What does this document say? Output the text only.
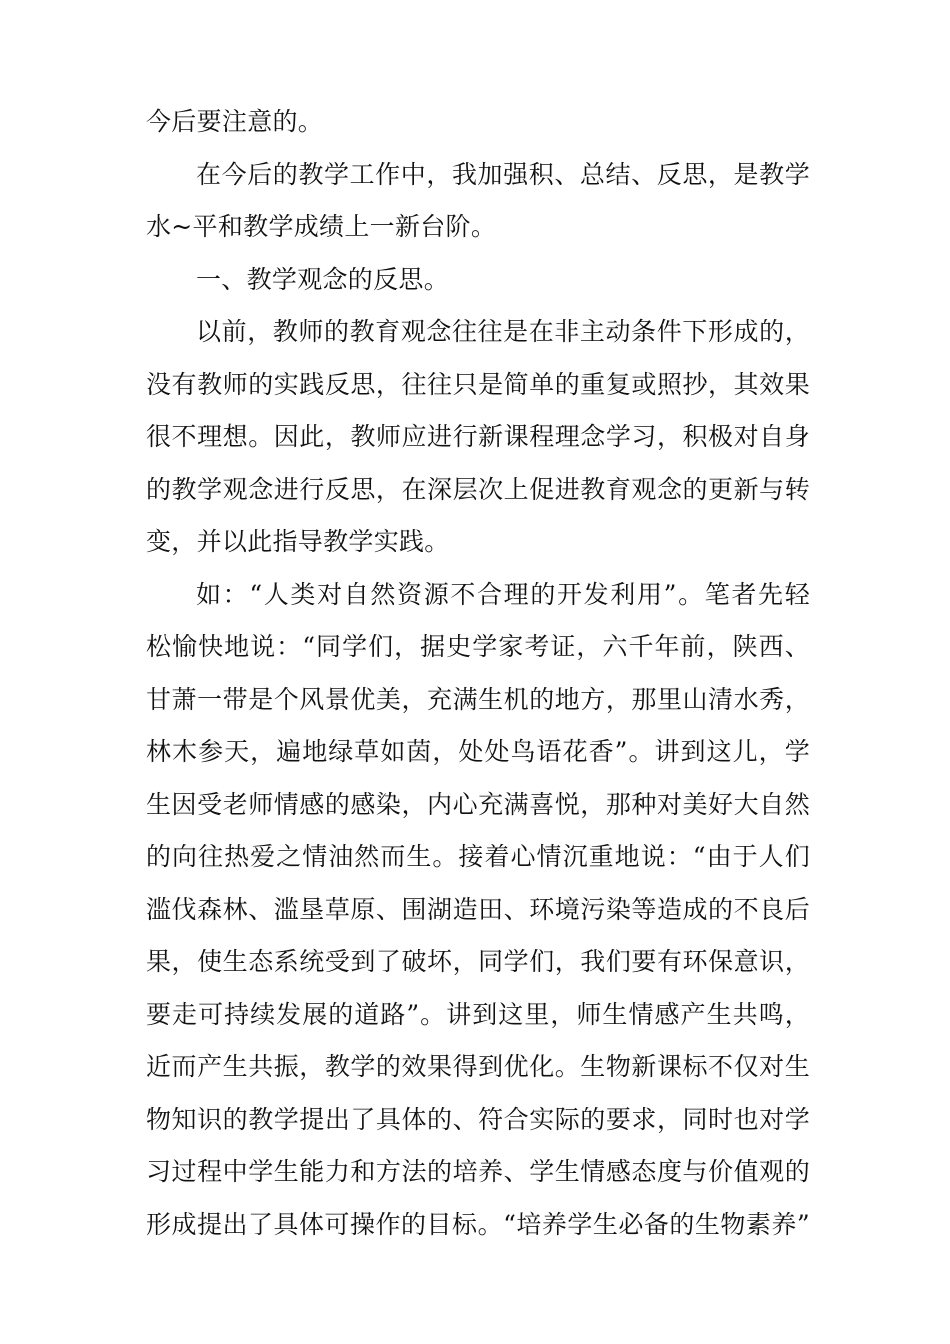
今后要注意的。
在今后的教学工作中，我加强积、总结、反思，是教学
水~平和教学成绩上一新台阶。
一、教学观念的反思。
以前，教师的教育观念往往是在非主动条件下形成的，
没有教师的实践反思，往往只是简单的重复或照抄，其效果
很不理想。因此，教师应进行新课程理念学习，积极对自身
的教学观念进行反思，在深层次上促进教育观念的更新与转
变，并以此指导教学实践。
如：“人类对自然资源不合理的开发利用”。笔者先轻
松愉快地说：“同学们，据史学家考证，六千年前，陕西、
甘萧一带是个风景优美，充满生机的地方，那里山清水秀，
林木参天，遍地绿草如茵，处处鸟语花香”。讲到这儿，学
生因受老师情感的感染，内心充满喜悦，那种对美好大自然
的向往热爱之情油然而生。接着心情沉重地说：“由于人们
滥伐森林、滥垦草原、围湖造田、环境污染等造成的不良后
果，使生态系统受到了破坏，同学们，我们要有环保意识，
要走可持续发展的道路”。讲到这里，师生情感产生共鸣，
近而产生共振，教学的效果得到优化。生物新课标不仅对生
物知识的教学提出了具体的、符合实际的要求，同时也对学
习过程中学生能力和方法的培养、学生情感态度与价值观的
形成提出了具体可操作的目标。“培养学生必备的生物素养”
